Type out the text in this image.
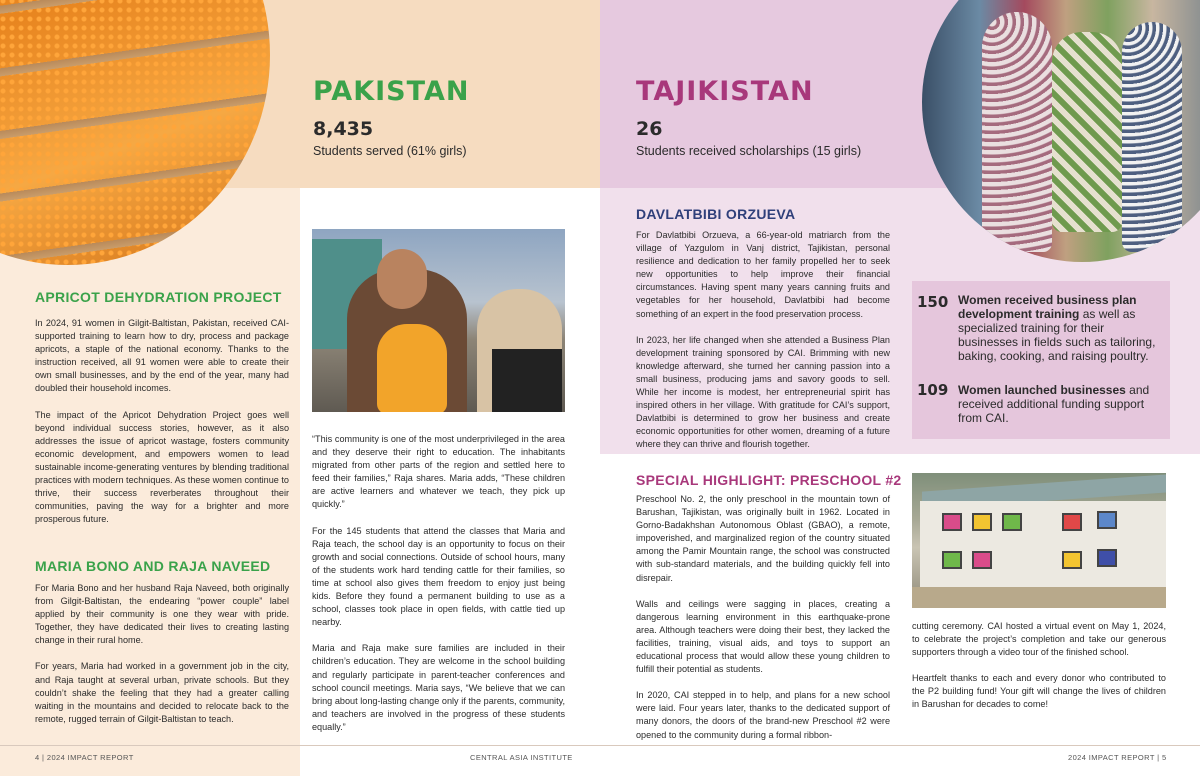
PAKISTAN
8,435
Students served (61% girls)
TAJIKISTAN
26
Students received scholarships (15 girls)
APRICOT DEHYDRATION PROJECT

In 2024, 91 women in Gilgit-Baltistan, Pakistan, received CAI-supported training to learn how to dry, process and package apricots, a staple of the national economy. Thanks to the instruction received, all 91 women were able to create their own small businesses, and by the end of the year, many had doubled their household incomes.

The impact of the Apricot Dehydration Project goes well beyond individual success stories, however, as it also addresses the issue of apricot wastage, fosters community economic development, and empowers women to lead sustainable income-generating ventures by blending traditional practices with modern techniques. As these women continue to thrive, their success reverberates throughout their communities, paving the way for a brighter and more prosperous future.

MARIA BONO AND RAJA NAVEED

For Maria Bono and her husband Raja Naveed, both originally from Gilgit-Baltistan, the endearing “power couple” label applied by their community is one they wear with pride. Together, they have dedicated their lives to creating lasting change in their rural home.

For years, Maria had worked in a government job in the city, and Raja taught at several urban, private schools. But they couldn’t shake the feeling that they had a greater calling waiting in the mountains and decided to relocate back to the remote, rugged terrain of Gilgit-Baltistan to teach.

“This community is one of the most underprivileged in the area and they deserve their right to education. The inhabitants migrated from other parts of the region and settled here to feed their families,” Raja shares. Maria adds, “These children are active learners and whatever we teach, they pick up quickly.”

For the 145 students that attend the classes that Maria and Raja teach, the school day is an opportunity to focus on their growth and social connections. Outside of school hours, many of the students work hard tending cattle for their families, so time at school also gives them freedom to enjoy just being kids. Before they found a permanent building to use as a school, classes took place in open fields, with cattle tied up nearby.

Maria and Raja make sure families are included in their children’s education. They are welcome in the school building and regularly participate in parent-teacher conferences and school council meetings. Maria says, “We believe that we can bring about long-lasting change only if the parents, community, and teachers are involved in the progress of these students equally.”

DAVLATBIBI ORZUEVA

For Davlatbibi Orzueva, a 66-year-old matriarch from the village of Yazgulom in Vanj district, Tajikistan, personal resilience and dedication to her family propelled her to seek new opportunities to help improve their financial circumstances. Having spent many years canning fruits and vegetables for her household, Davlatbibi had become something of an expert in the food preservation process.

In 2023, her life changed when she attended a Business Plan development training sponsored by CAI. Brimming with new knowledge afterward, she turned her canning passion into a small business, producing jams and savory goods to sell. While her income is modest, her entrepreneurial spirit has inspired others in her village. With gratitude for CAI’s support, Davlatbibi is determined to grow her business and create economic opportunities for other women, dreaming of a future where they can thrive and flourish together.

150 Women received business plan development training as well as specialized training for their businesses in fields such as tailoring, baking, cooking, and raising poultry.
109 Women launched businesses and received additional funding support from CAI.
SPECIAL HIGHLIGHT: PRESCHOOL #2

Preschool No. 2, the only preschool in the mountain town of Barushan, Tajikistan, was originally built in 1962. Located in Gorno-Badakhshan Autonomous Oblast (GBAO), a remote, impoverished, and marginalized region of the country situated among the Pamir Mountain range, the school was constructed with sub-standard materials, and the building quickly fell into disrepair.

Walls and ceilings were sagging in places, creating a dangerous learning environment in this earthquake-prone area. Although teachers were doing their best, they lacked the facilities, training, visual aids, and toys to support an educational process that would allow these young children to fulfill their potential as students.

In 2020, CAI stepped in to help, and plans for a new school were laid. Four years later, thanks to the dedicated support of many donors, the doors of the brand-new Preschool #2 were opened to the community during a formal ribbon-

cutting ceremony. CAI hosted a virtual event on May 1, 2024, to celebrate the project’s completion and take our generous supporters through a video tour of the finished school.

Heartfelt thanks to each and every donor who contributed to the P2 building fund! Your gift will change the lives of children in Barushan for decades to come!

4 | 2024 IMPACT REPORT	CENTRAL ASIA INSTITUTE	2024 IMPACT REPORT | 5
